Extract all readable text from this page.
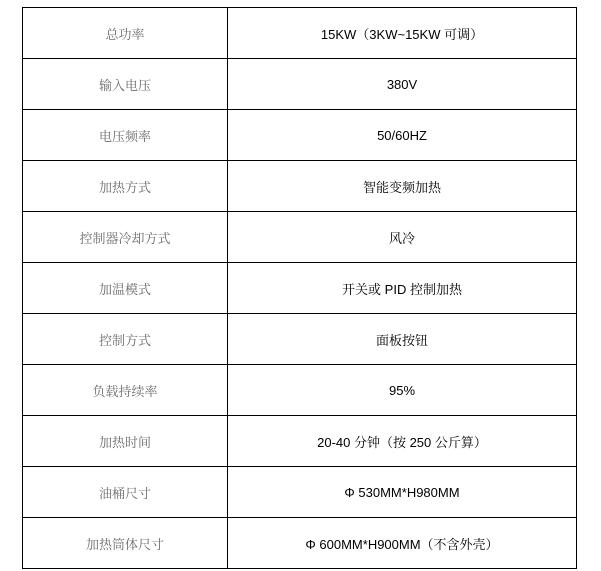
总功率	15KW（3KW~15KW 可调）
输入电压	380V
电压频率	50/60HZ
加热方式	智能变频加热
控制器冷却方式	风冷
加温模式	开关或 PID 控制加热
控制方式	面板按钮
负载持续率	95%
加热时间	20-40 分钟（按 250 公斤算）
油桶尺寸	Φ 530MM*H980MM
加热筒体尺寸	Φ 600MM*H900MM（不含外壳）
